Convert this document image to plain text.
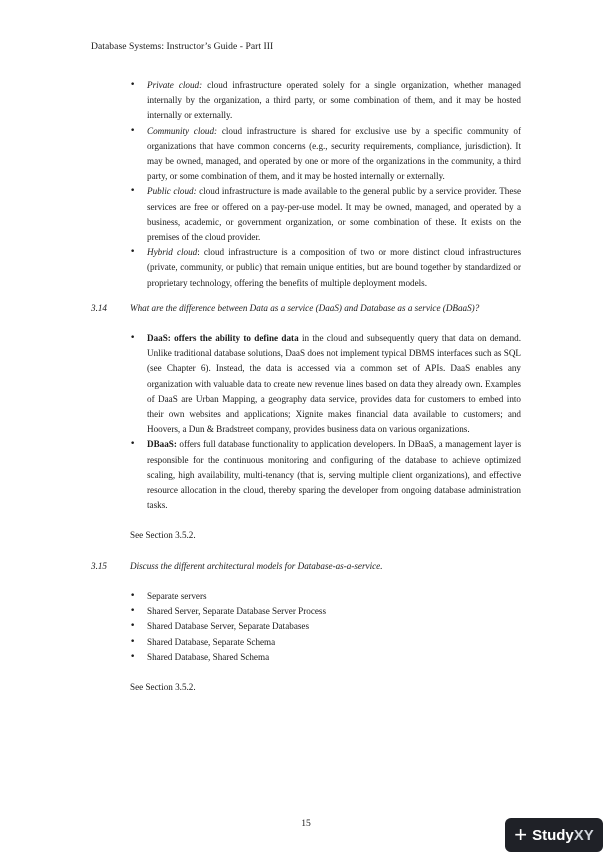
Database Systems: Instructor’s Guide - Part III
• Private cloud: cloud infrastructure operated solely for a single organization, whether managed internally by the organization, a third party, or some combination of them, and it may be hosted internally or externally.
• Community cloud: cloud infrastructure is shared for exclusive use by a specific community of organizations that have common concerns (e.g., security requirements, compliance, jurisdiction). It may be owned, managed, and operated by one or more of the organizations in the community, a third party, or some combination of them, and it may be hosted internally or externally.
• Public cloud: cloud infrastructure is made available to the general public by a service provider. These services are free or offered on a pay-per-use model. It may be owned, managed, and operated by a business, academic, or government organization, or some combination of these. It exists on the premises of the cloud provider.
• Hybrid cloud: cloud infrastructure is a composition of two or more distinct cloud infrastructures (private, community, or public) that remain unique entities, but are bound together by standardized or proprietary technology, offering the benefits of multiple deployment models.
3.14	What are the difference between Data as a service (DaaS) and Database as a service (DBaaS)?
• DaaS: offers the ability to define data in the cloud and subsequently query that data on demand. Unlike traditional database solutions, DaaS does not implement typical DBMS interfaces such as SQL (see Chapter 6). Instead, the data is accessed via a common set of APIs. DaaS enables any organization with valuable data to create new revenue lines based on data they already own. Examples of DaaS are Urban Mapping, a geography data service, provides data for customers to embed into their own websites and applications; Xignite makes financial data available to customers; and Hoovers, a Dun & Bradstreet company, provides business data on various organizations.
• DBaaS: offers full database functionality to application developers. In DBaaS, a management layer is responsible for the continuous monitoring and configuring of the database to achieve optimized scaling, high availability, multi-tenancy (that is, serving multiple client organizations), and effective resource allocation in the cloud, thereby sparing the developer from ongoing database administration tasks.
See Section 3.5.2.
3.15	Discuss the different architectural models for Database-as-a-service.
• Separate servers
• Shared Server, Separate Database Server Process
• Shared Database Server, Separate Databases
• Shared Database, Separate Schema
• Shared Database, Shared Schema
See Section 3.5.2.
15	+ Study XY
